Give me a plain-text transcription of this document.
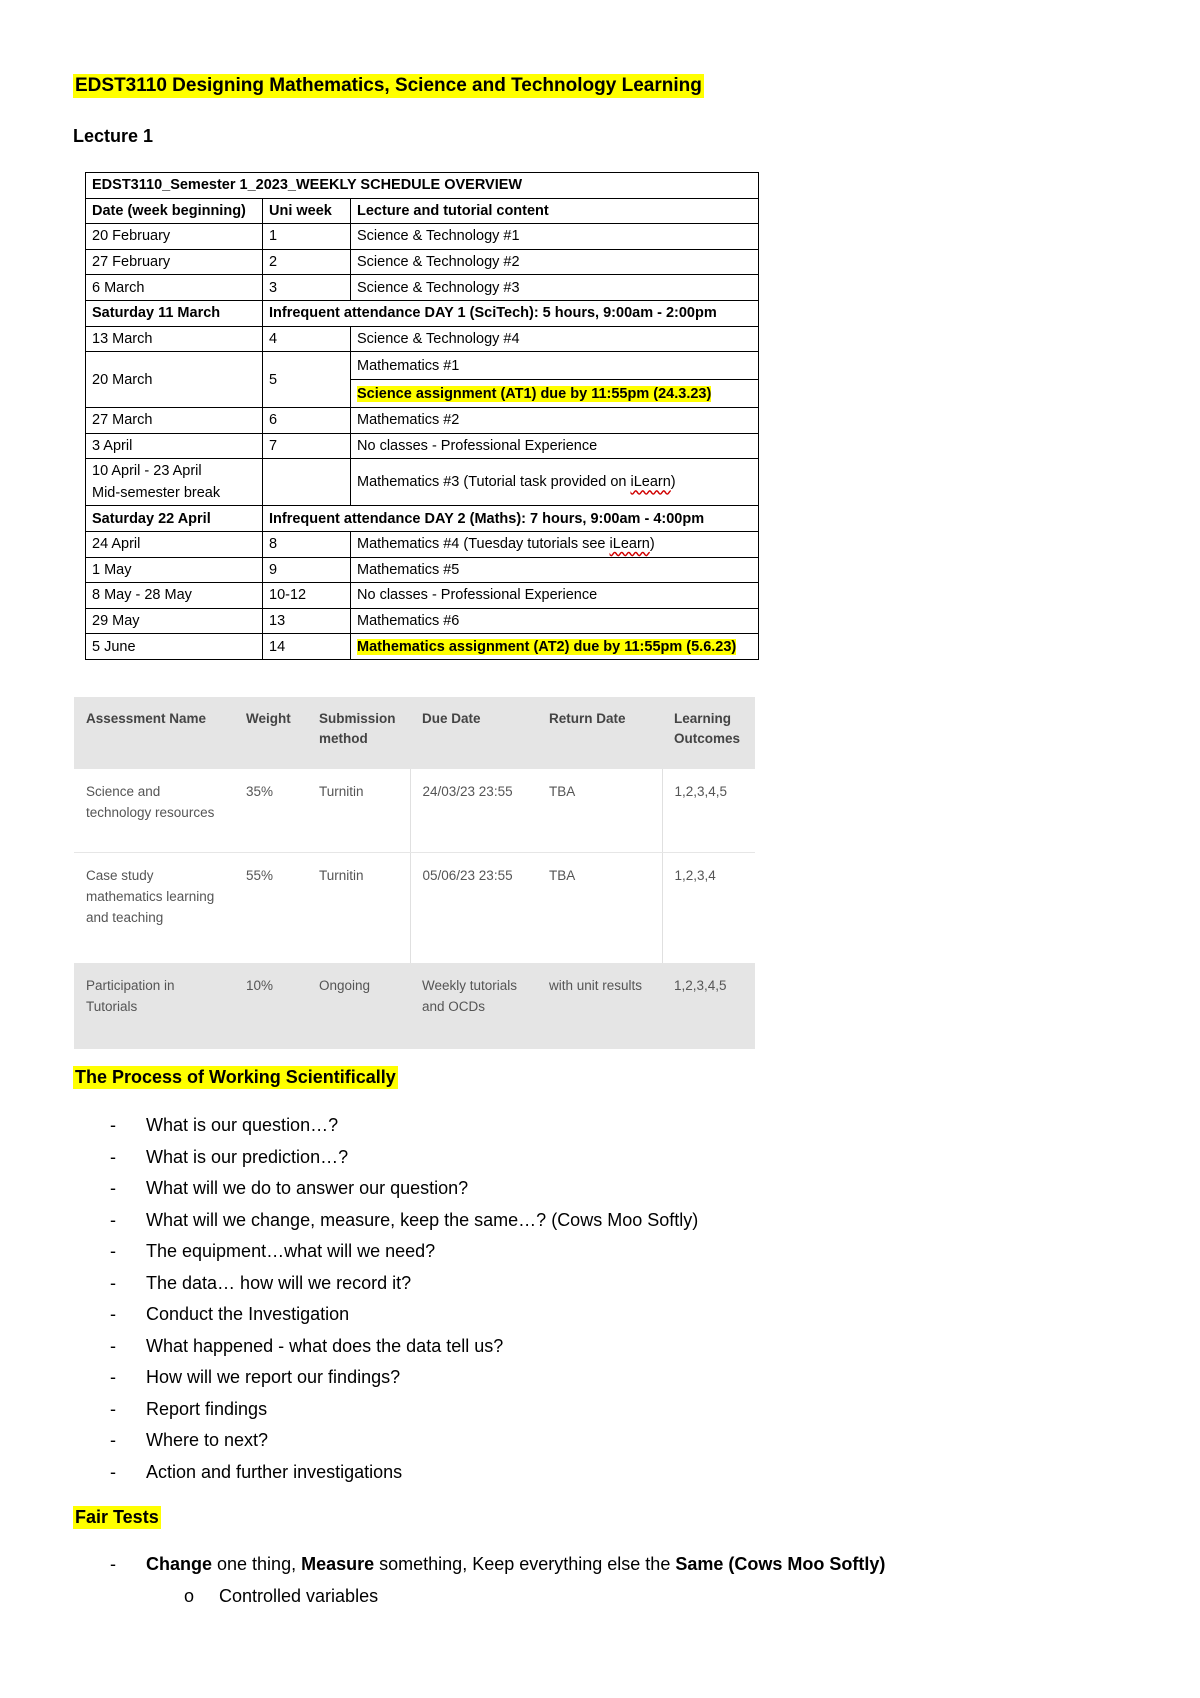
EDST3110 Designing Mathematics, Science and Technology Learning
Lecture 1
EDST3110_Semester 1_2023_WEEKLY SCHEDULE OVERVIEW		
Date (week beginning)	Uni week	Lecture and tutorial content
20 February	1	Science & Technology #1
27 February	2	Science & Technology #2
6 March	3	Science & Technology #3
Saturday 11 March	Infrequent attendance DAY 1 (SciTech): 5 hours, 9:00am - 2:00pm	
13 March	4	Science & Technology #4
20 March	5	Mathematics #1
		Science assignment (AT1) due by 11:55pm (24.3.23)
27 March	6	Mathematics #2
3 April	7	No classes - Professional Experience

10 April - 23 April
Mid-semester break		Mathematics #3 (Tutorial task provided on iLearn)
Saturday 22 April	Infrequent attendance DAY 2 (Maths): 7 hours, 9:00am - 4:00pm	
24 April	8	Mathematics #4 (Tuesday tutorials see iLearn)
1 May	9	Mathematics #5
8 May - 28 May	10-12	No classes - Professional Experience
29 May	13	Mathematics #6
5 June	14	Mathematics assignment (AT2) due by 11:55pm (5.6.23)
Assessment Name	Weight	Submission method	Due Date	Return Date	Learning Outcomes
Science and technology resources	35%	Turnitin	24/03/23 23:55	TBA	1,2,3,4,5
Case study mathematics learning and teaching	55%	Turnitin	05/06/23 23:55	TBA	1,2,3,4
Participation in Tutorials	10%	Ongoing	Weekly tutorials and OCDs	with unit results	1,2,3,4,5
The Process of Working Scientifically
- What is our question…?
- What is our prediction…?
- What will we do to answer our question?
- What will we change, measure, keep the same…? (Cows Moo Softly)
- The equipment…what will we need?
- The data… how will we record it?
- Conduct the Investigation
- What happened - what does the data tell us?
- How will we report our findings?
- Report findings
- Where to next?
- Action and further investigations
Fair Tests
- Change one thing, Measure something, Keep everything else the Same (Cows Moo Softly)
o Controlled variables
